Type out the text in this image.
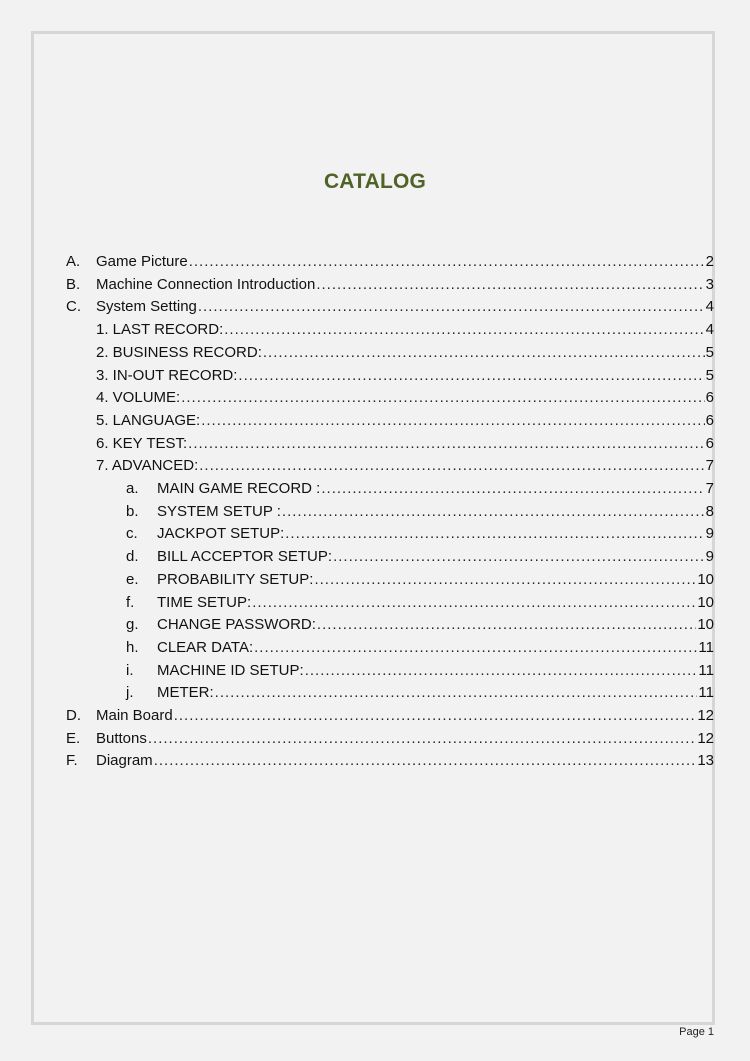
CATALOG
A.	Game Picture .....	2
B.	Machine Connection Introduction .....	3
C.	System Setting .....	4
1. LAST RECORD: .....	4
2. BUSINESS RECORD: .....	5
3. IN-OUT RECORD: .....	5
4. VOLUME: .....	6
5. LANGUAGE: .....	6
6. KEY TEST: .....	6
7. ADVANCED: .....	7
a.	MAIN GAME RECORD : .....	7
b.	SYSTEM SETUP : .....	8
c.	JACKPOT SETUP: .....	9
d.	BILL ACCEPTOR SETUP: .....	9
e.	PROBABILITY SETUP: .....	10
f.	TIME SETUP: .....	10
g.	CHANGE PASSWORD: .....	10
h.	CLEAR DATA: .....	11
i.	MACHINE ID SETUP: .....	11
j.	METER: .....	11
D.	Main Board .....	12
E.	Buttons .....	12
F.	Diagram .....	13
Page 1
